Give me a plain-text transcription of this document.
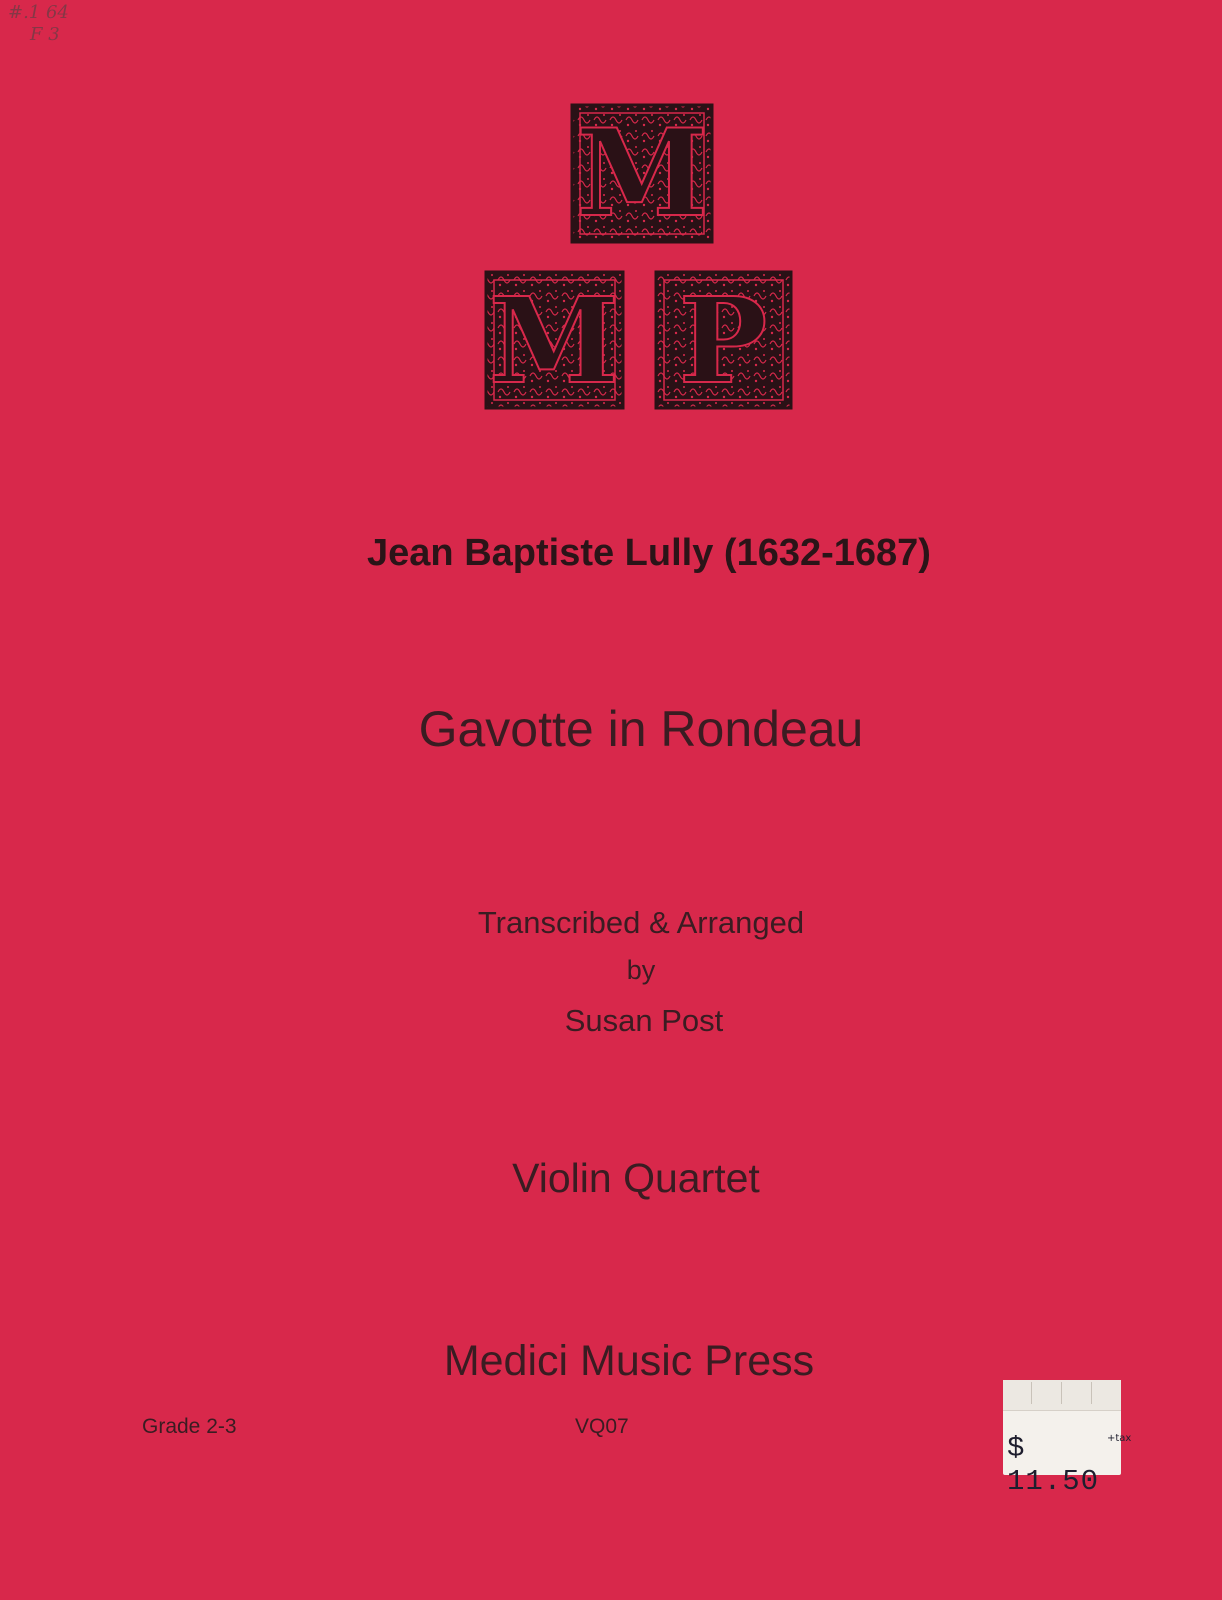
#.1 64
F 3
M
M P
Jean Baptiste Lully (1632-1687)
Gavotte in Rondeau
Transcribed & Arranged
by
Susan Post
Violin Quartet
Medici Music Press
Grade 2-3	VQ07
$ 11.50
+tax
